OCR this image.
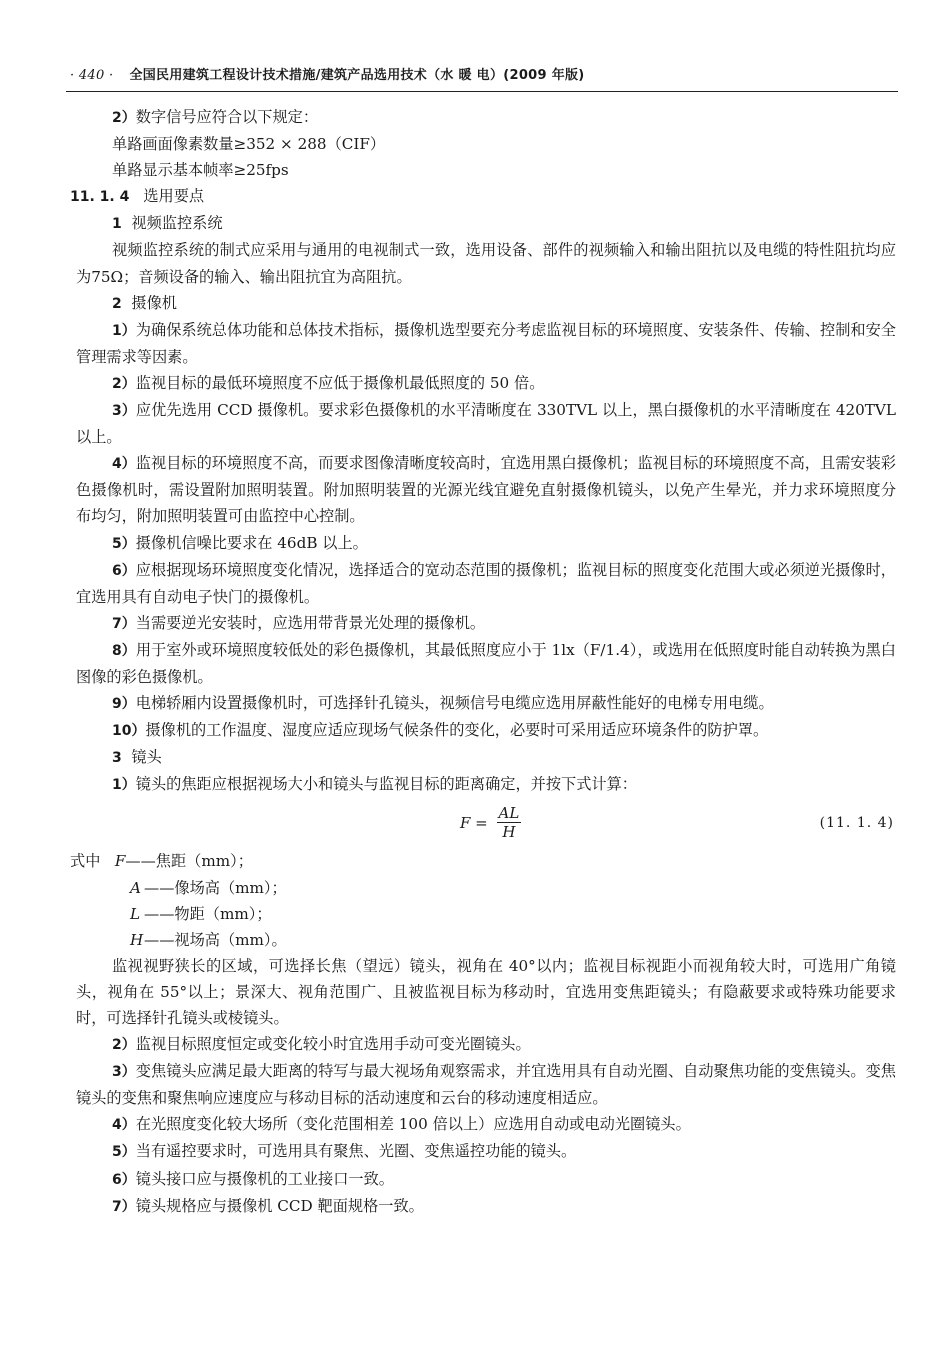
· 440 · 全国民用建筑工程设计技术措施/建筑产品选用技术（水 暖 电）(2009 年版)

2）数字信号应符合以下规定：

单路画面像素数量≥352 × 288（CIF）

单路显示基本帧率≥25fps

11. 1. 4 选用要点

1 视频监控系统

视频监控系统的制式应采用与通用的电视制式一致，选用设备、部件的视频输入和输出阻抗以及电缆的特性阻抗均应为75Ω；音频设备的输入、输出阻抗宜为高阻抗。

2 摄像机

1）为确保系统总体功能和总体技术指标，摄像机选型要充分考虑监视目标的环境照度、安装条件、传输、控制和安全管理需求等因素。

2）监视目标的最低环境照度不应低于摄像机最低照度的 50 倍。

3）应优先选用 CCD 摄像机。要求彩色摄像机的水平清晰度在 330TVL 以上，黑白摄像机的水平清晰度在 420TVL 以上。

4）监视目标的环境照度不高，而要求图像清晰度较高时，宜选用黑白摄像机；监视目标的环境照度不高，且需安装彩色摄像机时，需设置附加照明装置。附加照明装置的光源光线宜避免直射摄像机镜头，以免产生晕光，并力求环境照度分布均匀，附加照明装置可由监控中心控制。

5）摄像机信噪比要求在 46dB 以上。

6）应根据现场环境照度变化情况，选择适合的宽动态范围的摄像机；监视目标的照度变化范围大或必须逆光摄像时，宜选用具有自动电子快门的摄像机。

7）当需要逆光安装时，应选用带背景光处理的摄像机。

8）用于室外或环境照度较低处的彩色摄像机，其最低照度应小于 1lx（F/1.4），或选用在低照度时能自动转换为黑白图像的彩色摄像机。

9）电梯轿厢内设置摄像机时，可选择针孔镜头，视频信号电缆应选用屏蔽性能好的电梯专用电缆。

10）摄像机的工作温度、湿度应适应现场气候条件的变化，必要时可采用适应环境条件的防护罩。

3 镜头

1）镜头的焦距应根据视场大小和镜头与监视目标的距离确定，并按下式计算：

$F = \frac{AL}{H}$	(11. 1. 4)

式中 F——焦距（mm）；

A ——像场高（mm）；

L ——物距（mm）；

H——视场高（mm）。

监视视野狭长的区域，可选择长焦（望远）镜头，视角在 40°以内；监视目标视距小而视角较大时，可选用广角镜头，视角在 55°以上；景深大、视角范围广、且被监视目标为移动时，宜选用变焦距镜头；有隐蔽要求或特殊功能要求时，可选择针孔镜头或棱镜头。

2）监视目标照度恒定或变化较小时宜选用手动可变光圈镜头。

3）变焦镜头应满足最大距离的特写与最大视场角观察需求，并宜选用具有自动光圈、自动聚焦功能的变焦镜头。变焦镜头的变焦和聚焦响应速度应与移动目标的活动速度和云台的移动速度相适应。

4）在光照度变化较大场所（变化范围相差 100 倍以上）应选用自动或电动光圈镜头。

5）当有遥控要求时，可选用具有聚焦、光圈、变焦遥控功能的镜头。

6）镜头接口应与摄像机的工业接口一致。

7）镜头规格应与摄像机 CCD 靶面规格一致。
